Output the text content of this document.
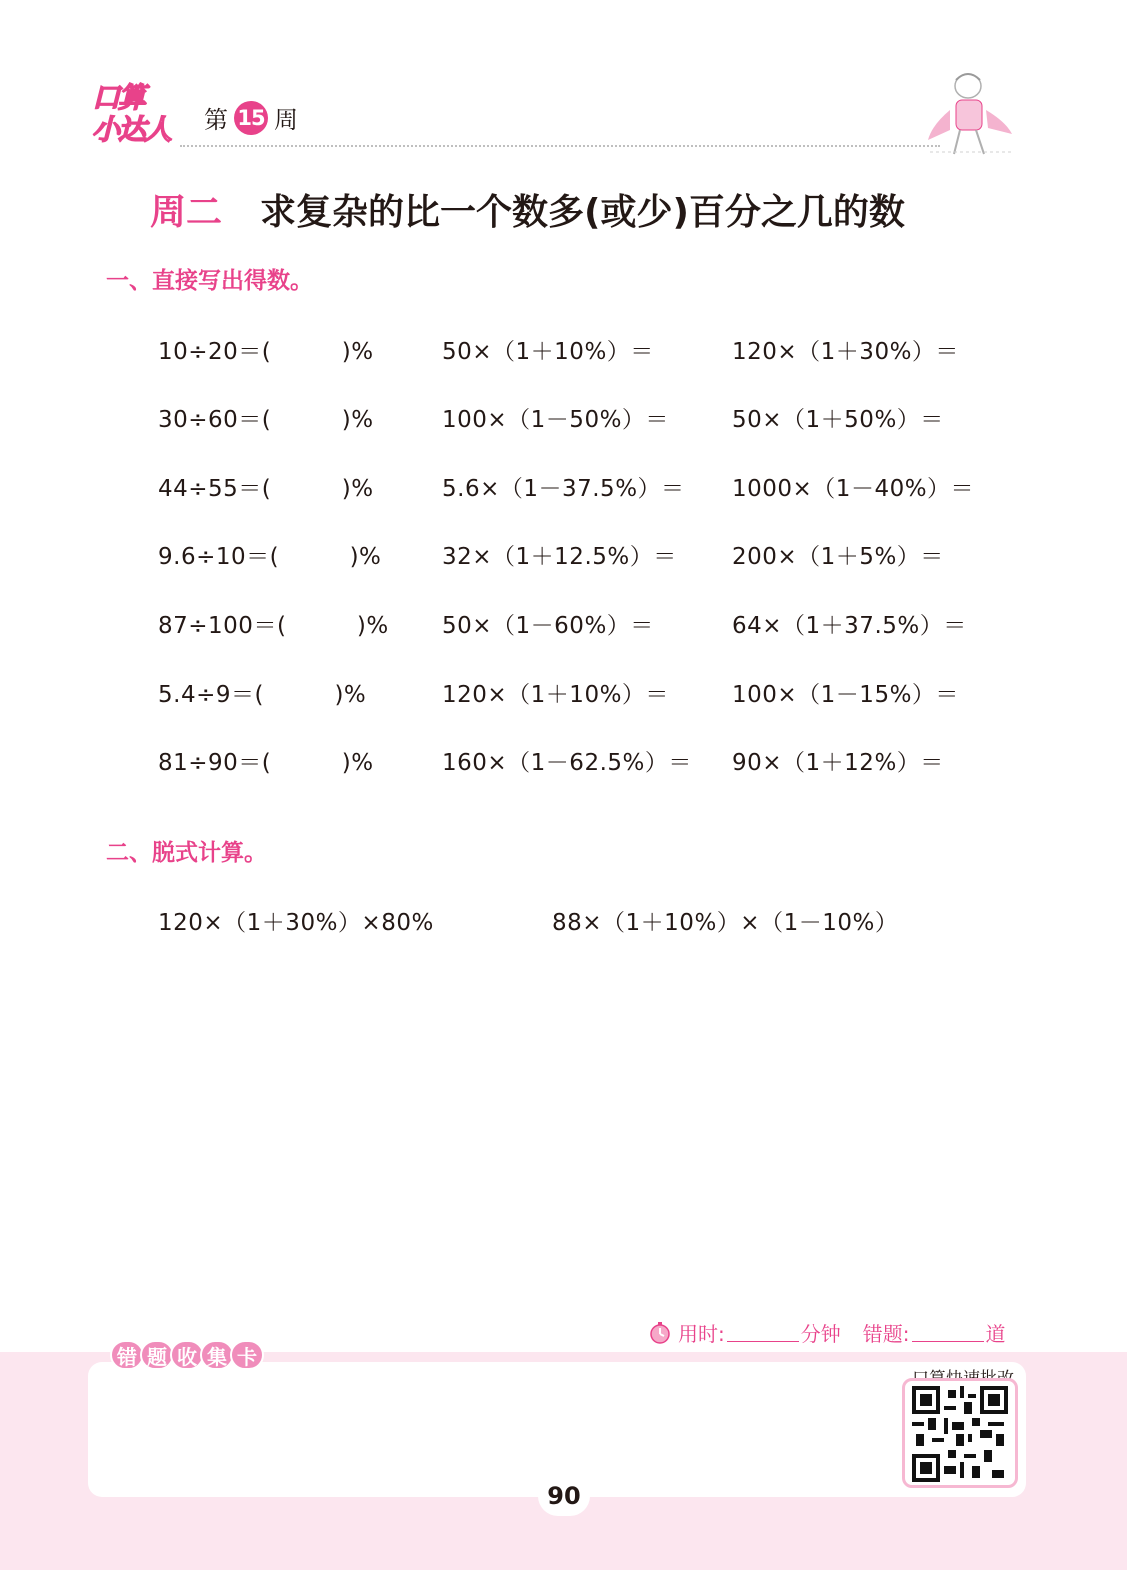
口算
小达人	第 15 周
周二 求复杂的比一个数多(或少)百分之几的数
一、直接写出得数。
10÷20＝(　　　)%	50×（1＋10%）＝	120×（1＋30%）＝
30÷60＝(　　　)%	100×（1－50%）＝	50×（1＋50%）＝
44÷55＝(　　　)%	5.6×（1－37.5%）＝ 1000×（1－40%）＝
9.6÷10＝(　　　)%	32×（1＋12.5%）＝ 200×（1＋5%）＝
87÷100＝(　　　)% 50×（1－60%）＝	64×（1＋37.5%）＝
5.4÷9＝(　　　)%	120×（1＋10%）＝	100×（1－15%）＝
81÷90＝(　　　)%	160×（1－62.5%）＝ 90×（1＋12%）＝
二、脱式计算。
120×（1＋30%）×80%	88×（1＋10%）×（1－10%）
用时:	分钟 错题:	道
错 题 收 集 卡
90
